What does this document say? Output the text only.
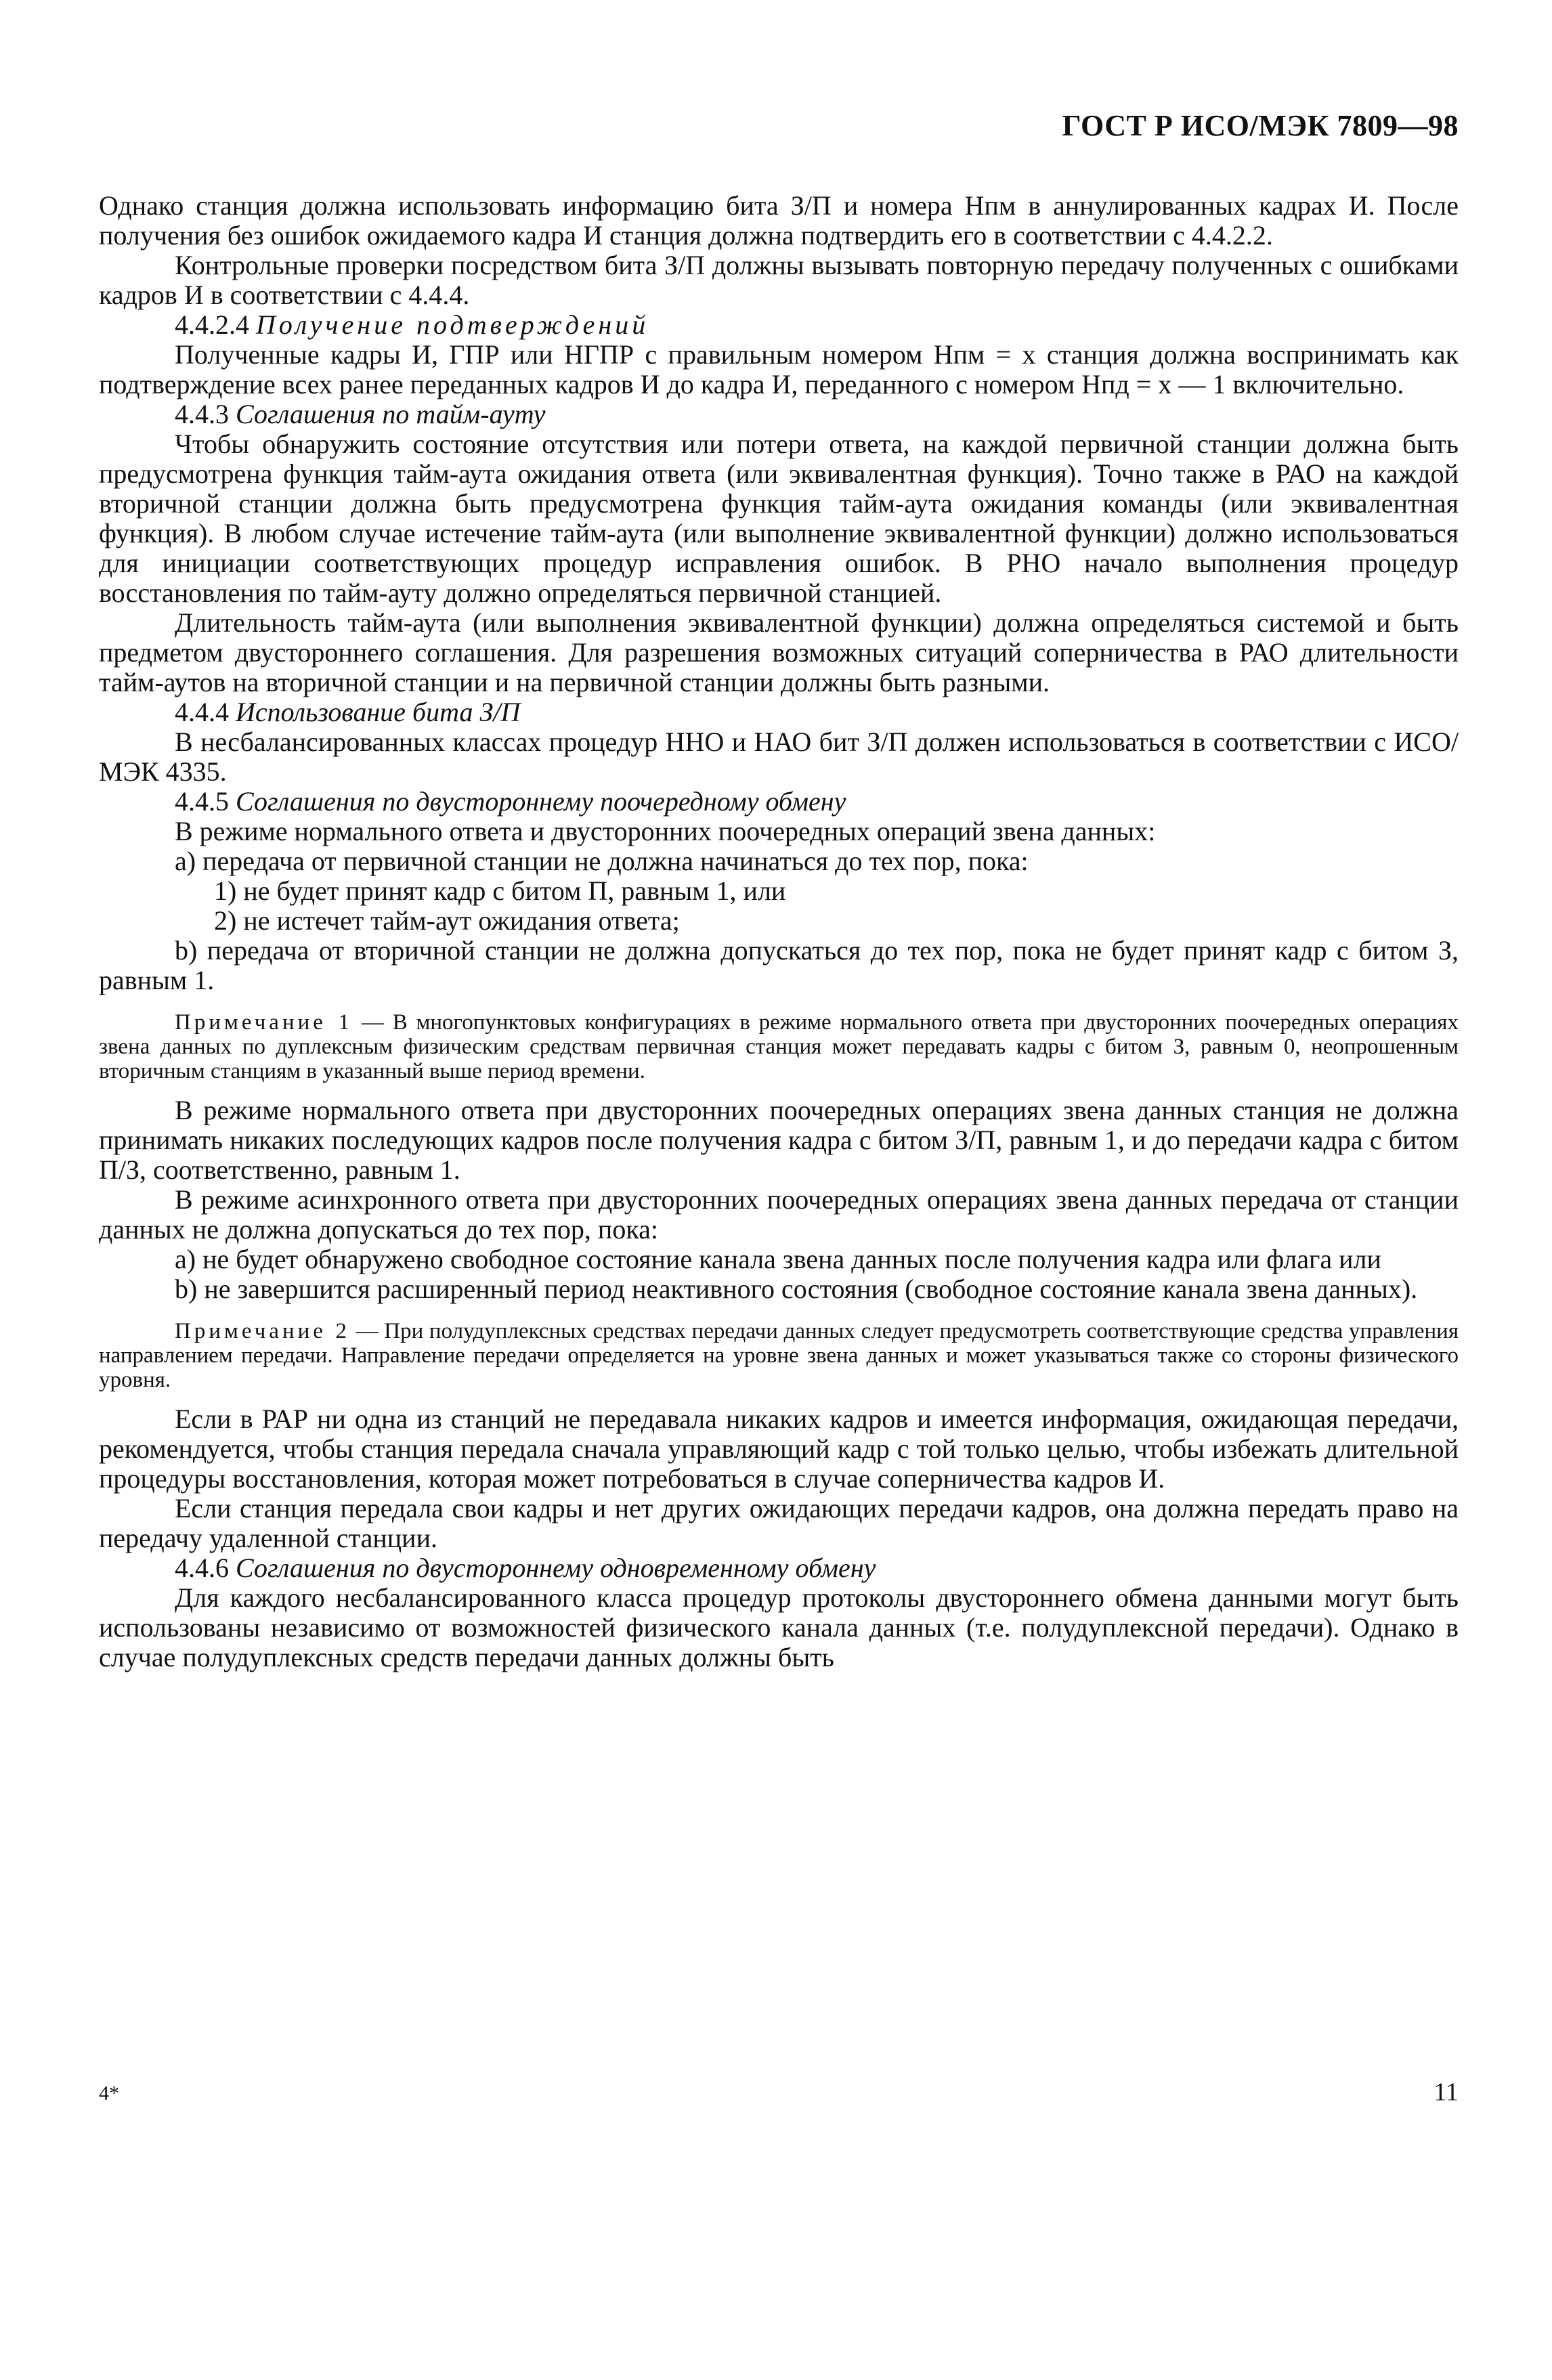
ГОСТ Р ИСО/МЭК 7809—98

Однако станция должна использовать информацию бита З/П и номера Нпм в аннулированных кадрах И. После получения без ошибок ожидаемого кадра И станция должна подтвердить его в соответствии с 4.4.2.2.

Контрольные проверки посредством бита З/П должны вызывать повторную передачу полученных с ошибками кадров И в соответствии с 4.4.4.

4.4.2.4 Получение подтверждений

Полученные кадры И, ГПР или НГПР с правильным номером Нпм = х станция должна воспринимать как подтверждение всех ранее переданных кадров И до кадра И, переданного с номером Нпд = х — 1 включительно.

4.4.3 Соглашения по тайм-ауту

Чтобы обнаружить состояние отсутствия или потери ответа, на каждой первичной станции должна быть предусмотрена функция тайм-аута ожидания ответа (или эквивалентная функция). Точно также в РАО на каждой вторичной станции должна быть предусмотрена функция тайм-аута ожидания команды (или эквивалентная функция). В любом случае истечение тайм-аута (или выполнение эквивалентной функции) должно использоваться для инициации соответствующих процедур исправления ошибок. В РНО начало выполнения процедур восстановления по тайм-ауту должно определяться первичной станцией.

Длительность тайм-аута (или выполнения эквивалентной функции) должна определяться системой и быть предметом двустороннего соглашения. Для разрешения возможных ситуаций соперничества в РАО длительности тайм-аутов на вторичной станции и на первичной станции должны быть разными.

4.4.4 Использование бита З/П

В несбалансированных классах процедур ННО и НАО бит З/П должен использоваться в соответствии с ИСО/МЭК 4335.

4.4.5 Соглашения по двустороннему поочередному обмену

В режиме нормального ответа и двусторонних поочередных операций звена данных:

а) передача от первичной станции не должна начинаться до тех пор, пока:

1) не будет принят кадр с битом П, равным 1, или

2) не истечет тайм-аут ожидания ответа;

b) передача от вторичной станции не должна допускаться до тех пор, пока не будет принят кадр с битом З, равным 1.

Примечание 1 — В многопунктовых конфигурациях в режиме нормального ответа при двусторонних поочередных операциях звена данных по дуплексным физическим средствам первичная станция может передавать кадры с битом З, равным 0, неопрошенным вторичным станциям в указанный выше период времени.

В режиме нормального ответа при двусторонних поочередных операциях звена данных станция не должна принимать никаких последующих кадров после получения кадра с битом З/П, равным 1, и до передачи кадра с битом П/З, соответственно, равным 1.

В режиме асинхронного ответа при двусторонних поочередных операциях звена данных передача от станции данных не должна допускаться до тех пор, пока:

а) не будет обнаружено свободное состояние канала звена данных после получения кадра или флага или

b) не завершится расширенный период неактивного состояния (свободное состояние канала звена данных).

Примечание 2 — При полудуплексных средствах передачи данных следует предусмотреть соответствующие средства управления направлением передачи. Направление передачи определяется на уровне звена данных и может указываться также со стороны физического уровня.

Если в РАР ни одна из станций не передавала никаких кадров и имеется информация, ожидающая передачи, рекомендуется, чтобы станция передала сначала управляющий кадр с той только целью, чтобы избежать длительной процедуры восстановления, которая может потребоваться в случае соперничества кадров И.

Если станция передала свои кадры и нет других ожидающих передачи кадров, она должна передать право на передачу удаленной станции.

4.4.6 Соглашения по двустороннему одновременному обмену

Для каждого несбалансированного класса процедур протоколы двустороннего обмена данными могут быть использованы независимо от возможностей физического канала данных (т.е. полудуплексной передачи). Однако в случае полудуплексных средств передачи данных должны быть

4*	11
